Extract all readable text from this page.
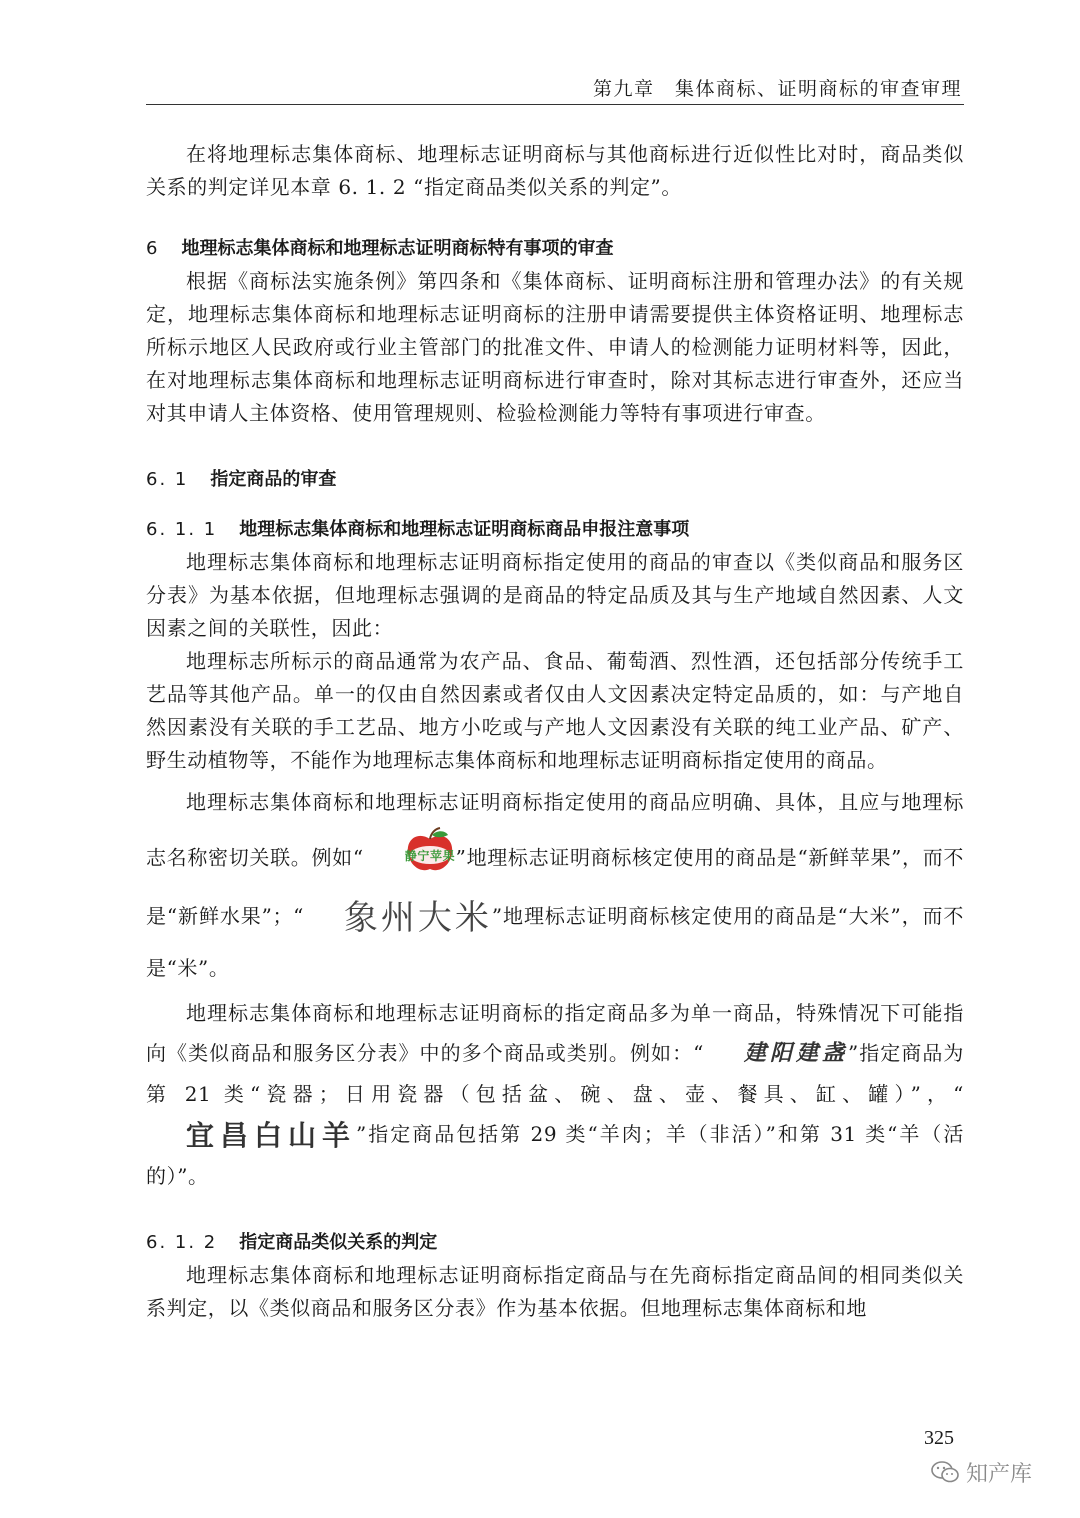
第九章　集体商标、证明商标的审查审理

在将地理标志集体商标、地理标志证明商标与其他商标进行近似性比对时，商品类似关系的判定详见本章 6. 1. 2 “指定商品类似关系的判定”。

6 地理标志集体商标和地理标志证明商标特有事项的审查

根据《商标法实施条例》第四条和《集体商标、证明商标注册和管理办法》的有关规定，地理标志集体商标和地理标志证明商标的注册申请需要提供主体资格证明、地理标志所标示地区人民政府或行业主管部门的批准文件、申请人的检测能力证明材料等，因此，在对地理标志集体商标和地理标志证明商标进行审查时，除对其标志进行审查外，还应当对其申请人主体资格、使用管理规则、检验检测能力等特有事项进行审查。

6. 1 指定商品的审查

6. 1. 1 地理标志集体商标和地理标志证明商标商品申报注意事项

地理标志集体商标和地理标志证明商标指定使用的商品的审查以《类似商品和服务区分表》为基本依据，但地理标志强调的是商品的特定品质及其与生产地域自然因素、人文因素之间的关联性，因此：

地理标志所标示的商品通常为农产品、食品、葡萄酒、烈性酒，还包括部分传统手工艺品等其他产品。单一的仅由自然因素或者仅由人文因素决定特定品质的，如：与产地自然因素没有关联的手工艺品、地方小吃或与产地人文因素没有关联的纯工业产品、矿产、野生动植物等，不能作为地理标志集体商标和地理标志证明商标指定使用的商品。

地理标志集体商标和地理标志证明商标指定使用的商品应明确、具体，且应与地理标志名称密切关联。例如“	静宁苹果 ”地理标志证明商标核定使用的商品是“新鲜苹果”，而不是“新鲜水果”；“ 象州大米”地理标志证明商标核定使用的商品是“大米”，而不是“米”。

地理标志集体商标和地理标志证明商标的指定商品多为单一商品，特殊情况下可能指向《类似商品和服务区分表》中的多个商品或类别。例如：“ 建阳建盏”指定商品为第 21 类“瓷器；日用瓷器（包括盆、碗、盘、壶、餐具、缸、罐）”，“宜昌白山羊”指定商品包括第 29 类“羊肉；羊（非活）”和第 31 类“羊（活的）”。

6. 1. 2 指定商品类似关系的判定

地理标志集体商标和地理标志证明商标指定商品与在先商标指定商品间的相同类似关系判定，以《类似商品和服务区分表》作为基本依据。但地理标志集体商标和地

325
知产库
